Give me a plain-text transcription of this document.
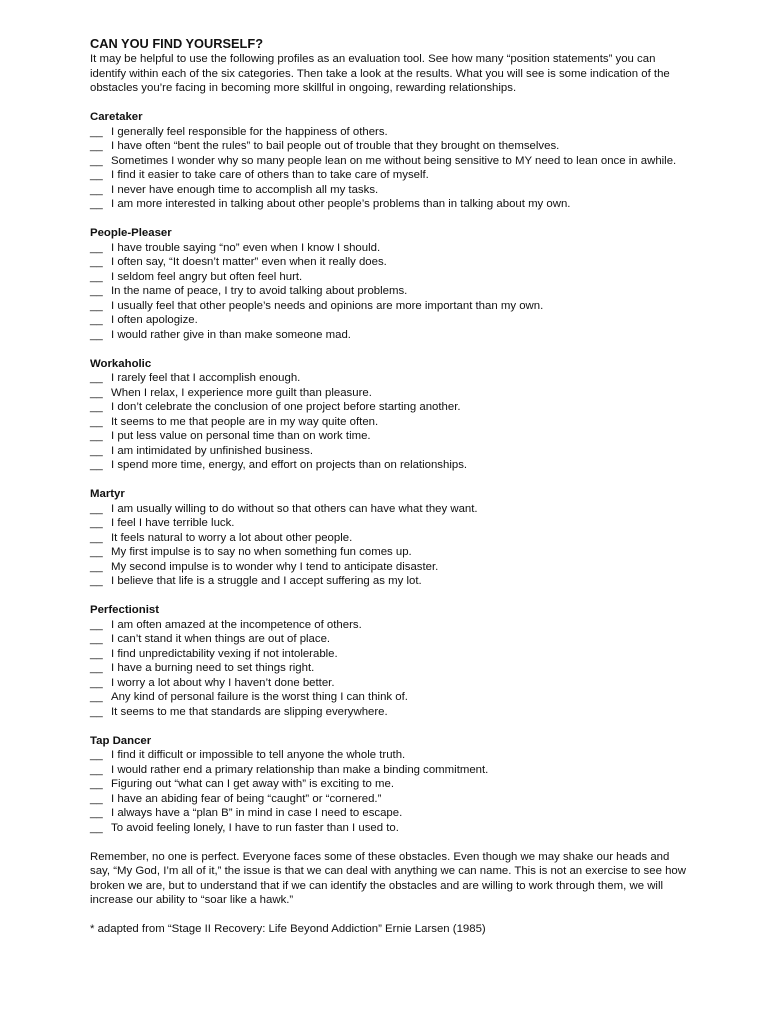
CAN YOU FIND YOURSELF?

It may be helpful to use the following profiles as an evaluation tool. See how many “position statements” you can identify within each of the six categories. Then take a look at the results. What you will see is some indication of the obstacles you’re facing in becoming more skillful in ongoing, rewarding relationships.

Caretaker
__ I generally feel responsible for the happiness of others.
__ I have often “bent the rules” to bail people out of trouble that they brought on themselves.
__ Sometimes I wonder why so many people lean on me without being sensitive to MY need to lean once in awhile.
__ I find it easier to take care of others than to take care of myself.
__ I never have enough time to accomplish all my tasks.
__ I am more interested in talking about other people’s problems than in talking about my own.
People-Pleaser
__ I have trouble saying “no” even when I know I should.
__ I often say, “It doesn’t matter” even when it really does.
__ I seldom feel angry but often feel hurt.
__ In the name of peace, I try to avoid talking about problems.
__ I usually feel that other people’s needs and opinions are more important than my own.
__ I often apologize.
__ I would rather give in than make someone mad.
Workaholic
__ I rarely feel that I accomplish enough.
__ When I relax, I experience more guilt than pleasure.
__ I don’t celebrate the conclusion of one project before starting another.
__ It seems to me that people are in my way quite often.
__ I put less value on personal time than on work time.
__ I am intimidated by unfinished business.
__ I spend more time, energy, and effort on projects than on relationships.
Martyr
__ I am usually willing to do without so that others can have what they want.
__ I feel I have terrible luck.
__ It feels natural to worry a lot about other people.
__ My first impulse is to say no when something fun comes up.
__ My second impulse is to wonder why I tend to anticipate disaster.
__ I believe that life is a struggle and I accept suffering as my lot.
Perfectionist
__ I am often amazed at the incompetence of others.
__ I can’t stand it when things are out of place.
__ I find unpredictability vexing if not intolerable.
__ I have a burning need to set things right.
__ I worry a lot about why I haven’t done better.
__ Any kind of personal failure is the worst thing I can think of.
__ It seems to me that standards are slipping everywhere.
Tap Dancer
__ I find it difficult or impossible to tell anyone the whole truth.
__ I would rather end a primary relationship than make a binding commitment.
__ Figuring out “what can I get away with” is exciting to me.
__ I have an abiding fear of being “caught” or “cornered.”
__ I always have a “plan B” in mind in case I need to escape.
__ To avoid feeling lonely, I have to run faster than I used to.

Remember, no one is perfect. Everyone faces some of these obstacles. Even though we may shake our heads and say, “My God, I’m all of it,” the issue is that we can deal with anything we can name. This is not an exercise to see how broken we are, but to understand that if we can identify the obstacles and are willing to work through them, we will increase our ability to “soar like a hawk.”

* adapted from “Stage II Recovery: Life Beyond Addiction” Ernie Larsen (1985)
